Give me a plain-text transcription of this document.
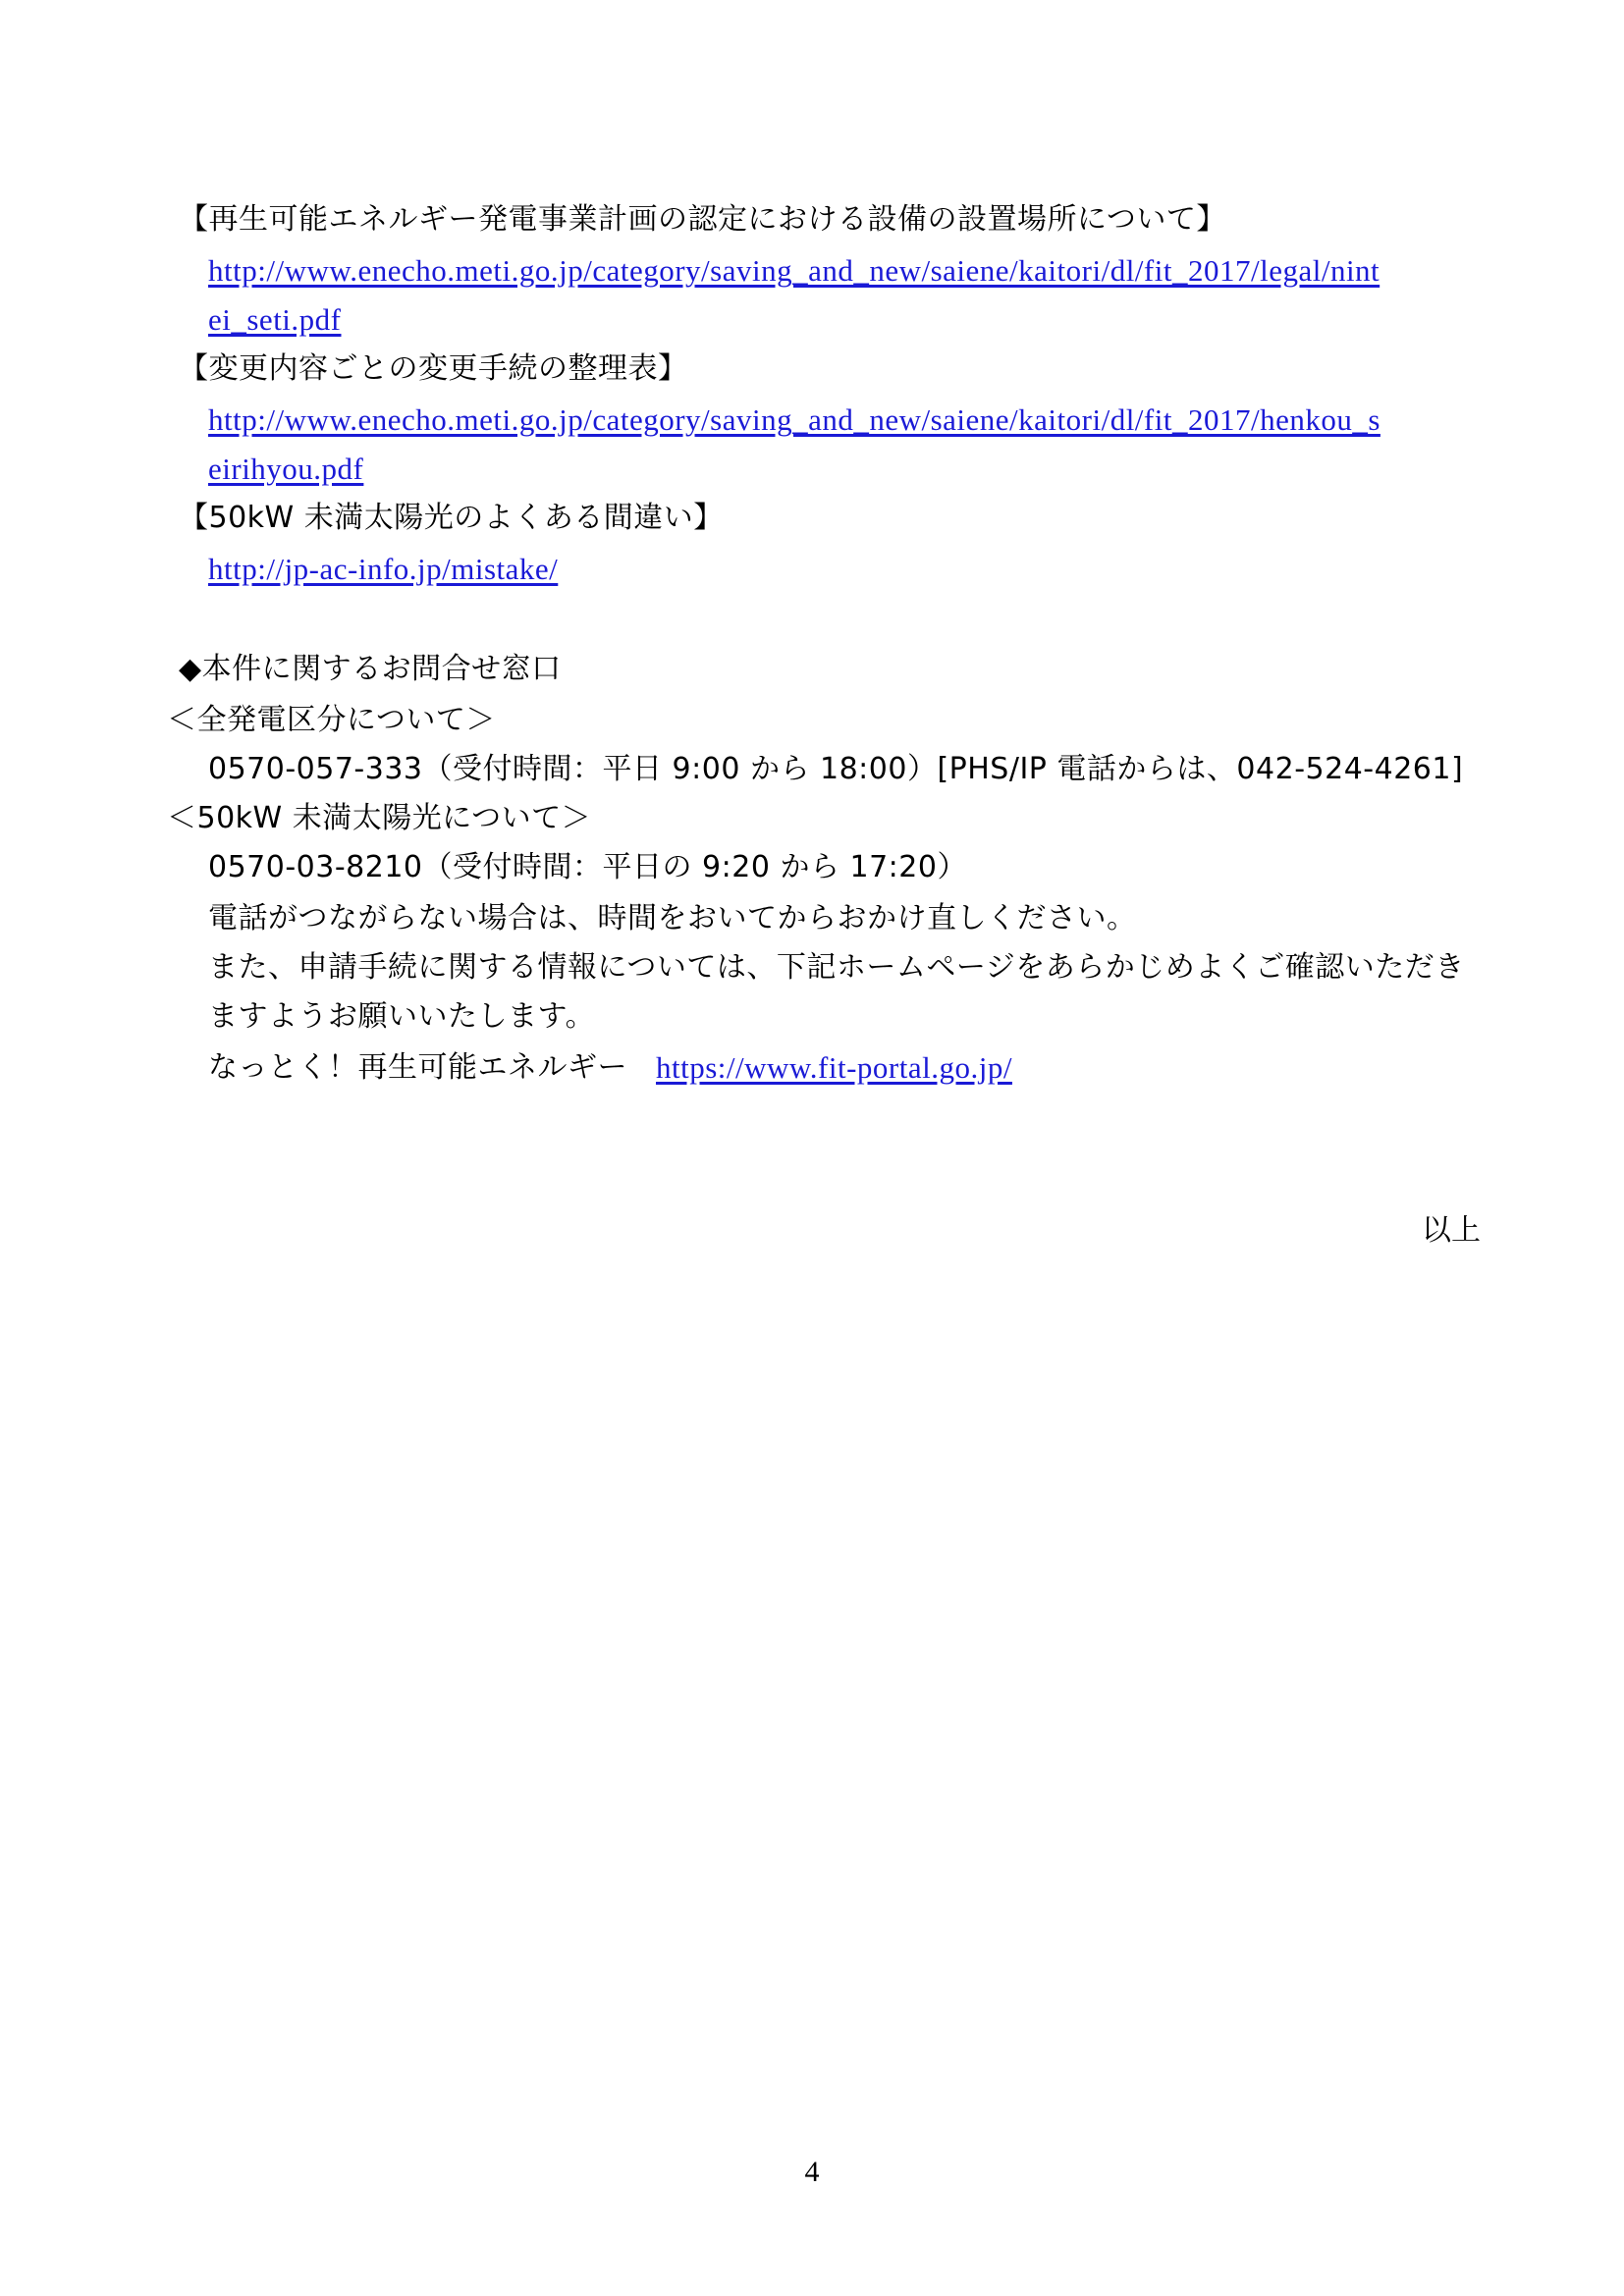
【再生可能エネルギー発電事業計画の認定における設備の設置場所について】
http://www.enecho.meti.go.jp/category/saving_and_new/saiene/kaitori/dl/fit_2017/legal/nint
ei_seti.pdf
【変更内容ごとの変更手続の整理表】
http://www.enecho.meti.go.jp/category/saving_and_new/saiene/kaitori/dl/fit_2017/henkou_s
eirihyou.pdf
【50kW 未満太陽光のよくある間違い】
http://jp-ac-info.jp/mistake/
◆本件に関するお問合せ窓口
＜全発電区分について＞
0570-057-333（受付時間：平日 9:00 から 18:00）[PHS/IP 電話からは、042-524-4261]
＜50kW 未満太陽光について＞
0570-03-8210（受付時間：平日の 9:20 から 17:20）
電話がつながらない場合は、時間をおいてからおかけ直しください。
また、申請手続に関する情報については、下記ホームページをあらかじめよくご確認いただき
ますようお願いいたします。
なっとく！再生可能エネルギー https://www.fit-portal.go.jp/
以上
4
